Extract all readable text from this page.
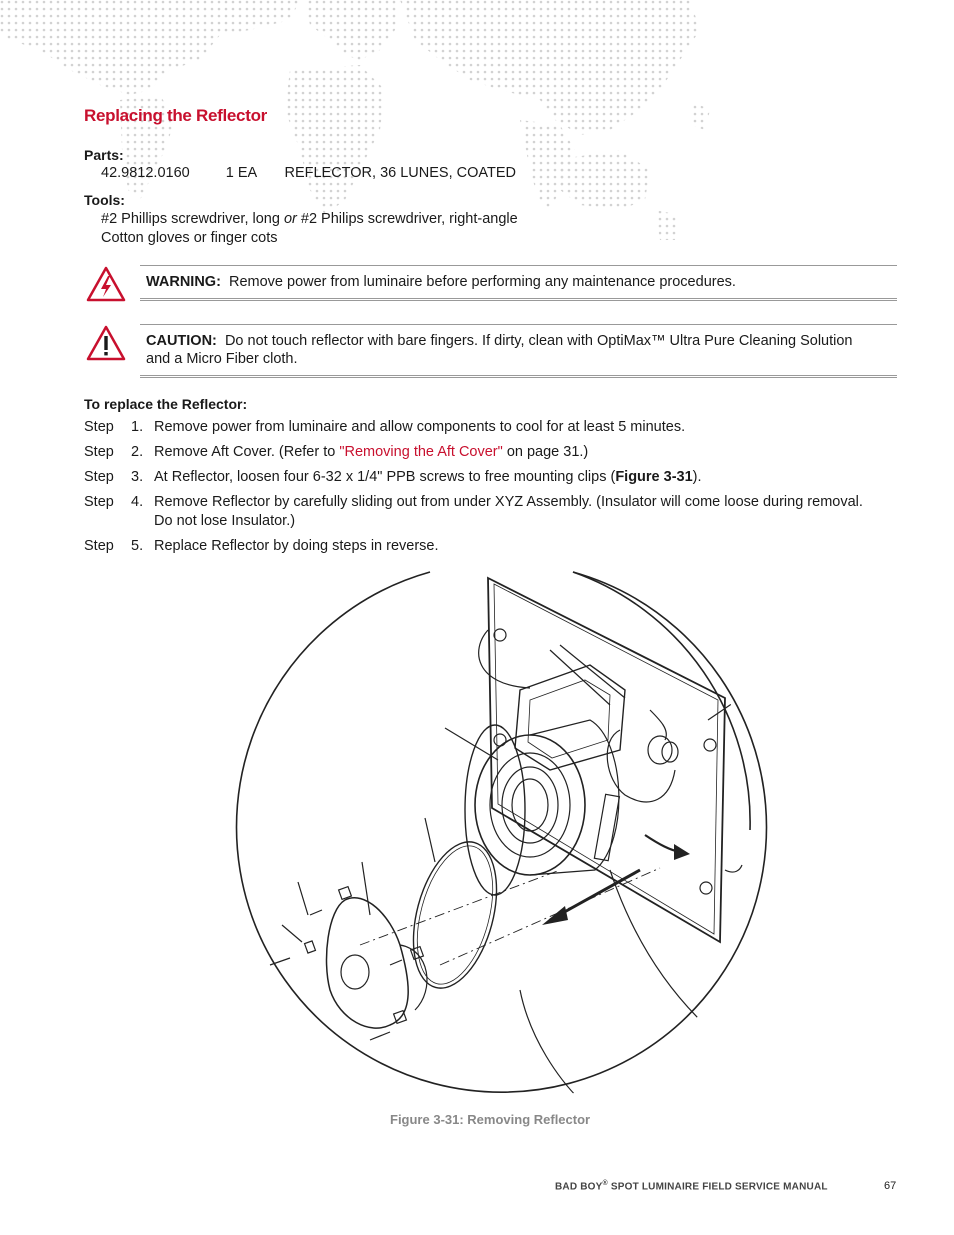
Replacing the Reflector
Parts:
42.9812.0160 1 EA REFLECTOR, 36 LUNES, COATED
Tools:
#2 Phillips screwdriver, long or #2 Philips screwdriver, right-angle
Cotton gloves or finger cots
WARNING: Remove power from luminaire before performing any maintenance procedures.
CAUTION: Do not touch reflector with bare fingers. If dirty, clean with OptiMax™ Ultra Pure Cleaning Solution and a Micro Fiber cloth.
To replace the Reflector:
Step 1. Remove power from luminaire and allow components to cool for at least 5 minutes.
Step 2. Remove Aft Cover. (Refer to "Removing the Aft Cover" on page 31.)
Step 3. At Reflector, loosen four 6-32 x 1/4" PPB screws to free mounting clips (Figure 3-31).
Step 4. Remove Reflector by carefully sliding out from under XYZ Assembly. (Insulator will come loose during removal. Do not lose Insulator.)
Step 5. Replace Reflector by doing steps in reverse.
Figure 3-31: Removing Reflector
BAD BOY® SPOT LUMINAIRE FIELD SERVICE MANUAL	67
